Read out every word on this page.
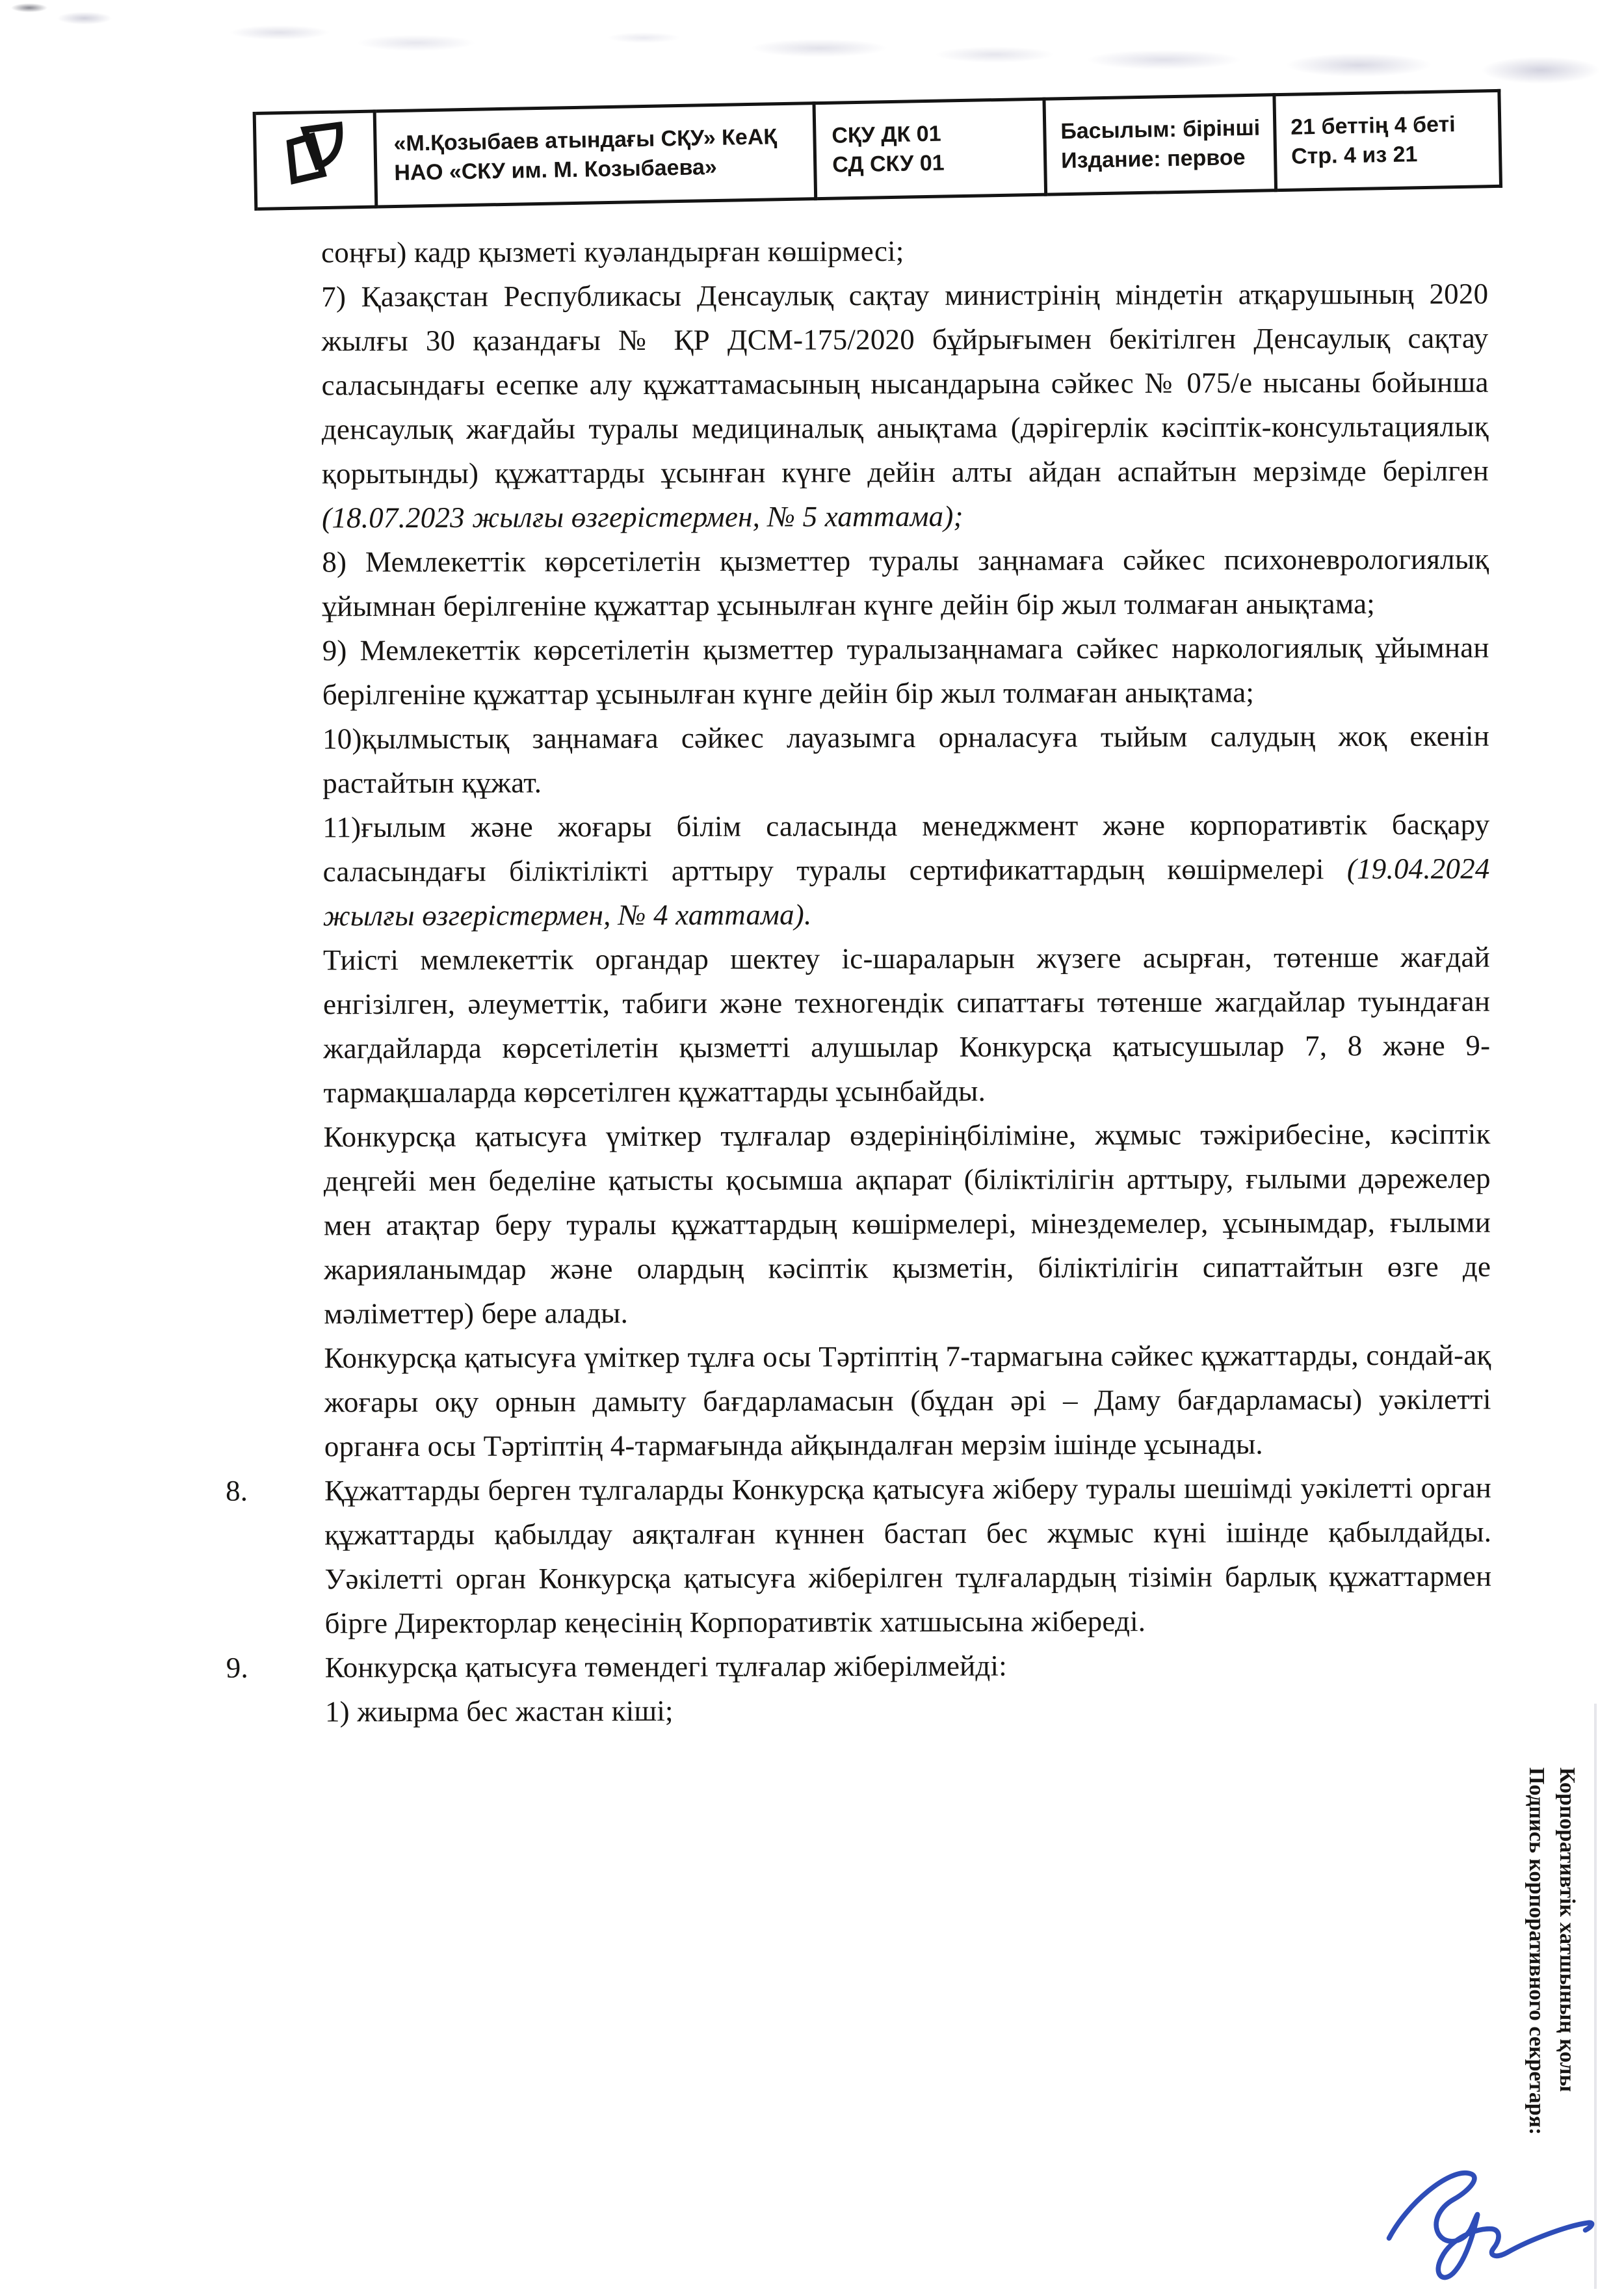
«М.Қозыбаев атындағы СҚУ» КеАҚ
НАО «СКУ им. М. Козыбаева»
СҚУ ДК 01
СД СКУ 01
Басылым: бірінші
Издание: первое
21 беттің 4 беті
Стр. 4 из 21
соңғы) кадр қызметі куәландырған көшірмесі;
7) Қазақстан Республикасы Денсаулық сақтау министрінің міндетін атқарушының 2020 жылғы 30 қазандағы № ҚР ДСМ-175/2020 бұйрығымен бекітілген Денсаулық сақтау саласындағы есепке алу құжаттамасының нысандарына сәйкес № 075/е нысаны бойынша денсаулық жағдайы туралы медициналық анықтама (дәрігерлік кәсіптік-консультациялық қорытынды) құжаттарды ұсынған күнге дейін алты айдан аспайтын мерзімде берілген (18.07.2023 жылғы өзгерістермен, № 5 хаттама);
8) Мемлекеттік көрсетілетін қызметтер туралы заңнамаға сәйкес психоневрологиялық ұйымнан берілгеніне құжаттар ұсынылған күнге дейін бір жыл толмаған анықтама;
9) Мемлекеттік көрсетілетін қызметтер туралызаңнамага сәйкес наркологиялық ұйымнан берілгеніне құжаттар ұсынылған күнге дейін бір жыл толмаған анықтама;
10)қылмыстық заңнамаға сәйкес лауазымга орналасуға тыйым салудың жоқ екенін растайтын құжат.
11)ғылым және жоғары білім саласында менеджмент және корпоративтік басқару саласындағы біліктілікті арттыру туралы сертификаттардың көшірмелері (19.04.2024 жылғы өзгерістермен, № 4 хаттама).
Тиісті мемлекеттік органдар шектеу іс-шараларын жүзеге асырған, төтенше жағдай енгізілген, әлеуметтік, табиги және техногендік сипаттағы төтенше жагдайлар туындаған жагдайларда көрсетілетін қызметті алушылар Конкурсқа қатысушылар 7, 8 және 9-тармақшаларда көрсетілген құжаттарды ұсынбайды.
Конкурсқа қатысуға үміткер тұлғалар өздерініңбіліміне, жұмыс тәжірибесіне, кәсіптік деңгейі мен беделіне қатысты қосымша ақпарат (біліктілігін арттыру, ғылыми дәрежелер мен атақтар беру туралы құжаттардың көшірмелері, мінездемелер, ұсынымдар, ғылыми жарияланымдар және олардың кәсіптік қызметін, біліктілігін сипаттайтын өзге де мәліметтер) бере алады.
Конкурсқа қатысуға үміткер тұлға осы Тәртіптің 7-тармагына сәйкес құжаттарды, сондай-ақ жоғары оқу орнын дамыту бағдарламасын (бұдан әрі – Даму бағдарламасы) уәкілетті органға осы Тәртіптің 4-тармағында айқындалған мерзім ішінде ұсынады.
8.	Құжаттарды берген тұлгаларды Конкурсқа қатысуға жіберу туралы шешімді уәкілетті орган құжаттарды қабылдау аяқталған күннен бастап бес жұмыс күні ішінде қабылдайды. Уәкілетті орган Конкурсқа қатысуға жіберілген тұлғалардың тізімін барлық құжаттармен бірге Директорлар кеңесінің Корпоративтік хатшысына жібереді.
9.	Конкурсқа қатысуға төмендегі тұлғалар жіберілмейді:
1) жиырма бес жастан кіші;
Корпоративтік хатшының қолы
Подпись корпоративного секретаря:
